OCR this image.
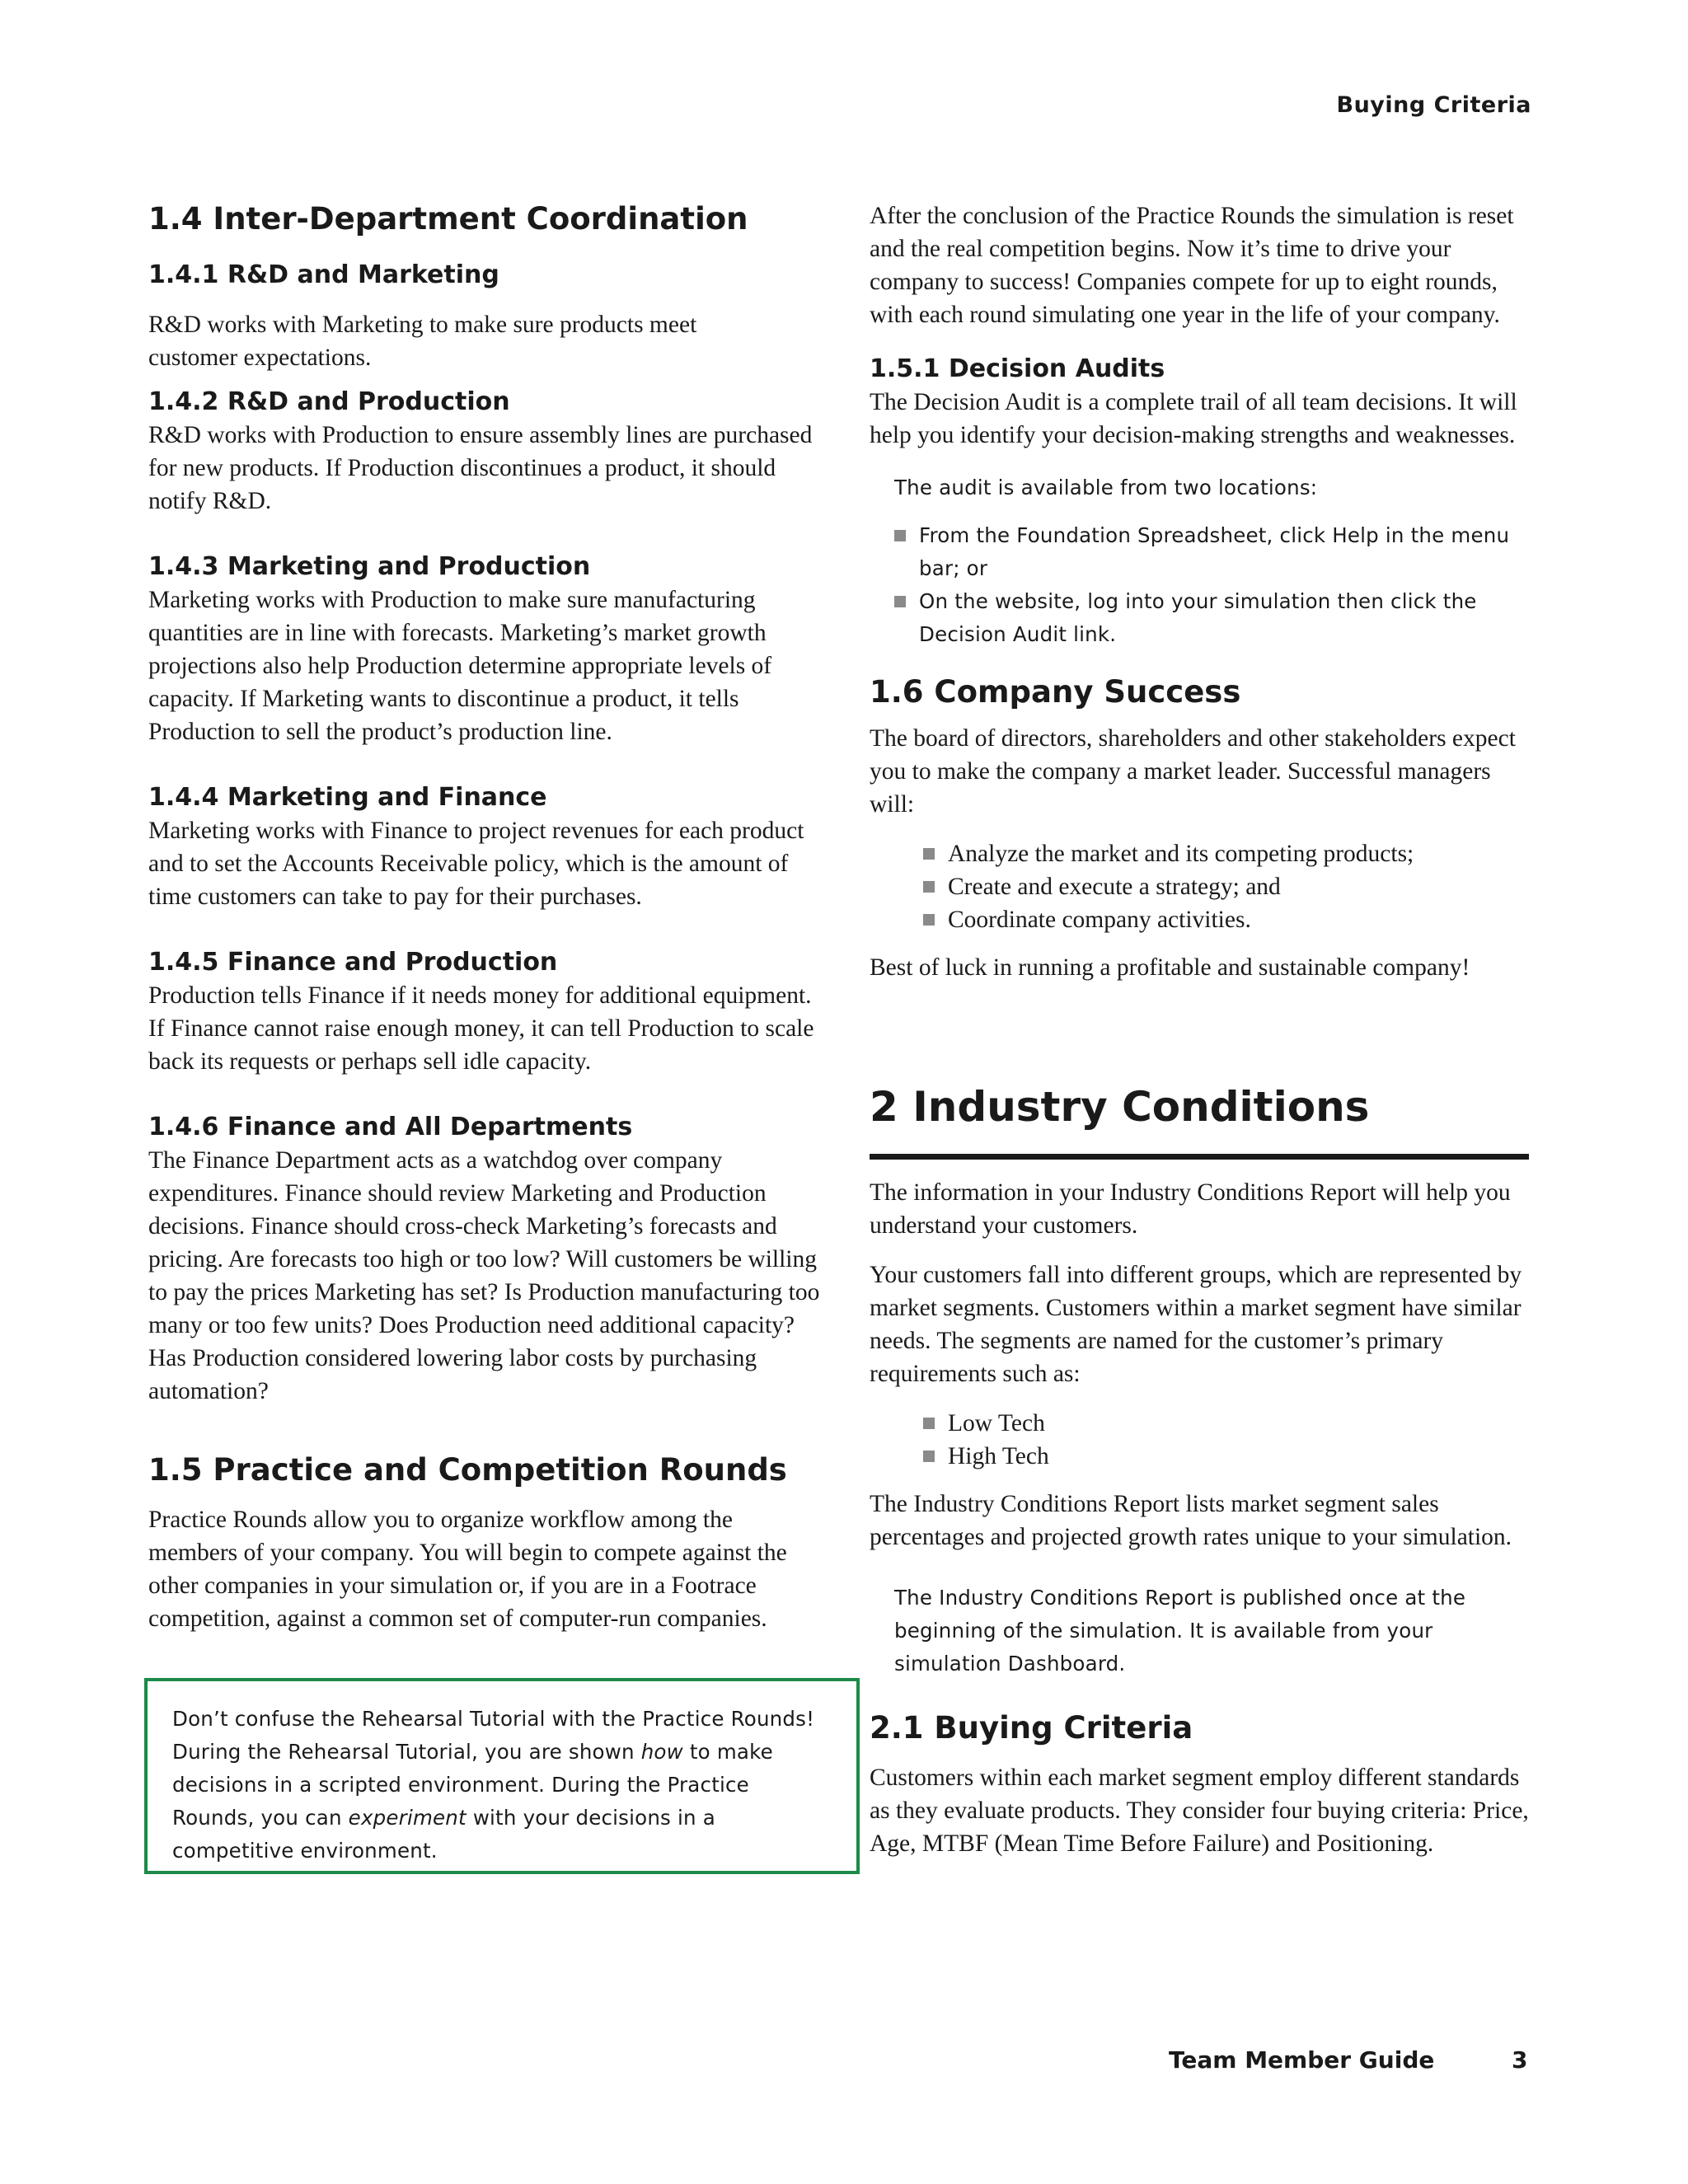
Buying Criteria
1.4 Inter-Department Coordination
1.4.1 R&D and Marketing

R&D works with Marketing to make sure products meet customer expectations.

1.4.2 R&D and Production

R&D works with Production to ensure assembly lines are purchased for new products. If Production discontinues a product, it should notify R&D.

1.4.3 Marketing and Production

Marketing works with Production to make sure manufacturing quantities are in line with forecasts. Marketing’s market growth projections also help Production determine appropriate levels of capacity. If Marketing wants to discontinue a product, it tells Production to sell the product’s production line.

1.4.4 Marketing and Finance

Marketing works with Finance to project revenues for each product and to set the Accounts Receivable policy, which is the amount of time customers can take to pay for their purchases.

1.4.5 Finance and Production

Production tells Finance if it needs money for additional equipment. If Finance cannot raise enough money, it can tell Production to scale back its requests or perhaps sell idle capacity.

1.4.6 Finance and All Departments

The Finance Department acts as a watchdog over company expenditures. Finance should review Marketing and Production decisions. Finance should cross-check Marketing’s forecasts and pricing. Are forecasts too high or too low? Will customers be willing to pay the prices Marketing has set? Is Production manufacturing too many or too few units? Does Production need additional capacity? Has Production considered lowering labor costs by purchasing automation?

1.5 Practice and Competition Rounds

Practice Rounds allow you to organize workflow among the members of your company. You will begin to compete against the other companies in your simulation or, if you are in a Footrace competition, against a common set of computer-run companies.

Don’t confuse the Rehearsal Tutorial with the Practice Rounds! During the Rehearsal Tutorial, you are shown how to make decisions in a scripted environment. During the Practice Rounds, you can experiment with your decisions in a competitive environment.

After the conclusion of the Practice Rounds the simulation is reset and the real competition begins. Now it’s time to drive your company to success! Companies compete for up to eight rounds, with each round simulating one year in the life of your company.

1.5.1 Decision Audits

The Decision Audit is a complete trail of all team decisions. It will help you identify your decision-making strengths and weaknesses.

The audit is available from two locations:

From the Foundation Spreadsheet, click Help in the menu bar; or
On the website, log into your simulation then click the Decision Audit link.
1.6 Company Success

The board of directors, shareholders and other stakeholders expect you to make the company a market leader. Successful managers will:

Analyze the market and its competing products;
Create and execute a strategy; and
Coordinate company activities.

Best of luck in running a profitable and sustainable company!

2 Industry Conditions

The information in your Industry Conditions Report will help you understand your customers.

Your customers fall into different groups, which are represented by market segments. Customers within a market segment have similar needs. The segments are named for the customer’s primary requirements such as:

Low Tech
High Tech

The Industry Conditions Report lists market segment sales percentages and projected growth rates unique to your simulation.

The Industry Conditions Report is published once at the beginning of the simulation. It is available from your simulation Dashboard.

2.1 Buying Criteria

Customers within each market segment employ different standards as they evaluate products. They consider four buying criteria: Price, Age, MTBF (Mean Time Before Failure) and Positioning.

Team Member Guide	3
